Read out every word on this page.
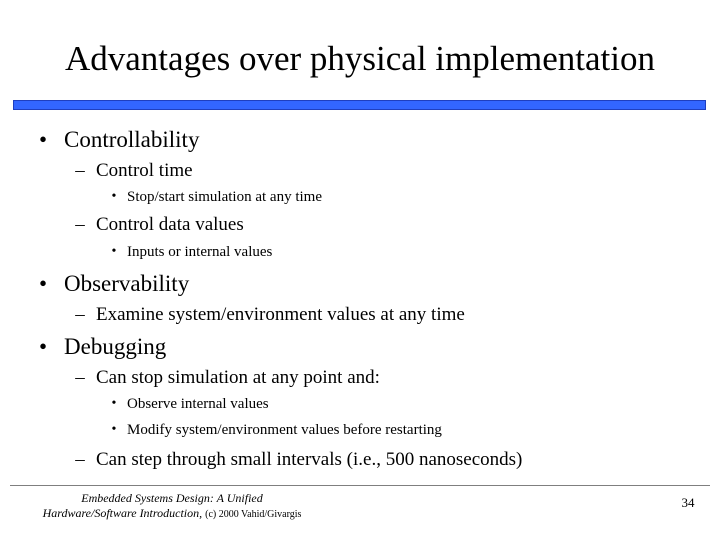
Advantages over physical implementation
• Controllability
– Control time
• Stop/start simulation at any time
– Control data values
• Inputs or internal values
• Observability
– Examine system/environment values at any time
• Debugging
– Can stop simulation at any point and:
• Observe internal values
• Modify system/environment values before restarting
– Can step through small intervals (i.e., 500 nanoseconds)
Embedded Systems Design: A Unified
Hardware/Software Introduction, (c) 2000 Vahid/Givargis
34
